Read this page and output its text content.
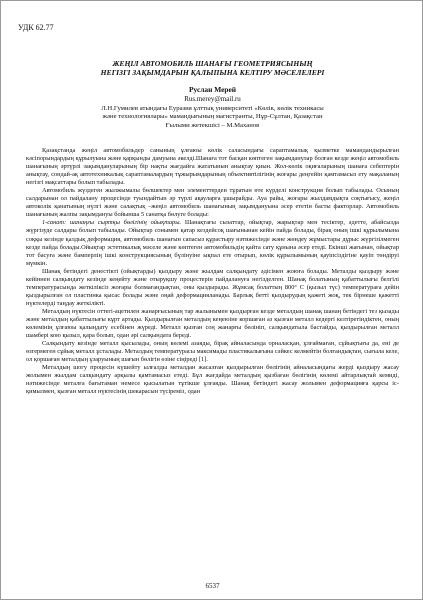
УДК 62.77
ЖЕҢІЛ АВТОМОБИЛЬ ШАНАҒЫ ГЕОМЕТРИЯСЫНЫҢ
НЕГІЗГІ ЗАҚЫМДАРЫН ҚАЛЫПЫНА КЕЛТІРУ МӘСЕЛЕЛЕРІ
Руслан Мерей
Rus.merey@mail.ru
Л.Н.Гумилев атындағы Еуразия ұлттық университеті «Көлік, көлік техникасы
және технологиялары» мамандығының магистранты, Нұр-Сұлтан, Қазақстан
Ғылыми жетекшісі – М.Маханов

Қазақстанда жеңіл автомобильдер санының ұлғаюы көлік саласындағы сараптамалық қызметке мамандандырылған кәсіпорындардың құрылуына және қарқынды дамуына әкелді.Шанаға тот басқан көптеген зақымданулар болған кезде жеңіл автомобиль шанағының әртүрлі зақымдануларының бір нақты жағдайға жататынын анықтау қиын. Жол-көлік оқиғаларының шанаға себептерін анықтау, сондай-ақ автотехникалық сараптамалардың тұжырымдарының объективтілігінің жоғары деңгейін қамтамасыз ету мақаланың негізгі мақсаттары болып табылады.

Автомобиль жүздеген жылжымалы бөлшектер мен элементтерден тұратын өте күрделі конструкция болып табылады. Осының салдарынан ол пайдалану процесінде туындайтын әр түрлі ақауларға ұшырайды. Ауа райы, жоғары жылдамдықта соқтығысу, жеңіл автоколік қанатының нүлгі және салақтық –жеңіл автомобиль шанағының зақымдануына әсер ететін басты факторлар. Автомобиль шанағының жалпы зақымдануы бойынша 5 санатқа бөлуге болады:

1-санат: шанаңғы сыртқы бөлігінің ойықтары. Шанақтағы сызаттар, ойықтар, жарықтар мен тесіктер, әдетте, абайсызда жүргізуде салдары болып табылады. Ойықтар сонымен қатар кездейсоқ шағынынан кейін пайда болады, бірақ оның ішкі құрылымына соққы кезінде қалдық деформация, автомобиль шанағын сапасыз құрастыру нәтижесінде және жөндеу жұмыстары дұрыс жүргізілмеген кезде пайда болады.Ойықтар эстетикалық мәселе және көптеген автомобильдің қайта сату құнына әсер етеді. Екінші жағынан, ойықтар тот басуға және бамперлің ішкі конструкциясының бүлінуіне ықпал ете отырып, көлік құрылымының қауіпсіздігіне қауіп төндіруі мүмкін.

Шанақ бетіндегі денестікті (ойықтарды) қыздыру және жылдам салқындату әдісімен жоюға болады. Металды қыздыру және кейіннен салқындату кезінде кеңейту және отыруқшу процестерін пайдалануға негізделген. Шанақ болатының қабаттылығы белгілі температурасында жеткіліксіз жоғары болмағандықтан, оны қыздырады. Жұмсақ болаттың 800° С (қызыл түс) температураға дейін қыздырылған ол пластинка қысас болады және оңай деформацияланады. Барлық бетті қыздырудың қажеті жоқ, тек бірнеше қажетті нүктелерді таңдау жеткілікті.

Металдың нүктесін оттегі-ацетилен жанарғысының тар жалынымен қыздырған кезде металдың шанақ шанаң бетіндегі тез қызады және металдың қабаттылығы кұрт артады. Қыздырылған металдың кеңеюіне коршаған аз қызған металл кедергі келтіретіндіктен, оның көлемінің ұлғаюы қалыңдату есебінен жүреді. Металл қызған соң жанарғы бөлініп, салқындатыла бастайды, қыздырылған металл шамбері кою қызыл, қара болып, одан әрі салқындата береді.

Салқындату кезінде металл қысылады, оның көлемі азаяды, бірақ айналасында орналасқан, ұлғаймаған, сұйықтығы да, ені де өзгермеген сұйық металл ұсталады. Металдың температурасы максимады пластикалығына сәйкес келмейтін болғандықтан, сығыла келе, ол қоршаған металдың ұзаруының шағын бөлігін өзіне сіңіреді [1].

Металдың шогу процесін күшейту ылғалды металдан жасалған қыздырылған бөлігінің айналасындағы жерді қыздыру жасау жолымен жылдам салқындату арқылы қамтамасыз етеді. Бұл жағдайда металдың қызбаған бөлігінің көлемі айтарлықтай кемиді, нәтижесінде металға бағытаман немесе қысылатын тұтікше ұлғаяды. Шанақ бетіндегі жасау жолымен деформацияға қарсы іс-қимылмен, қызған металл нүктесінің шекарасын түсіреміз, одан

6537
